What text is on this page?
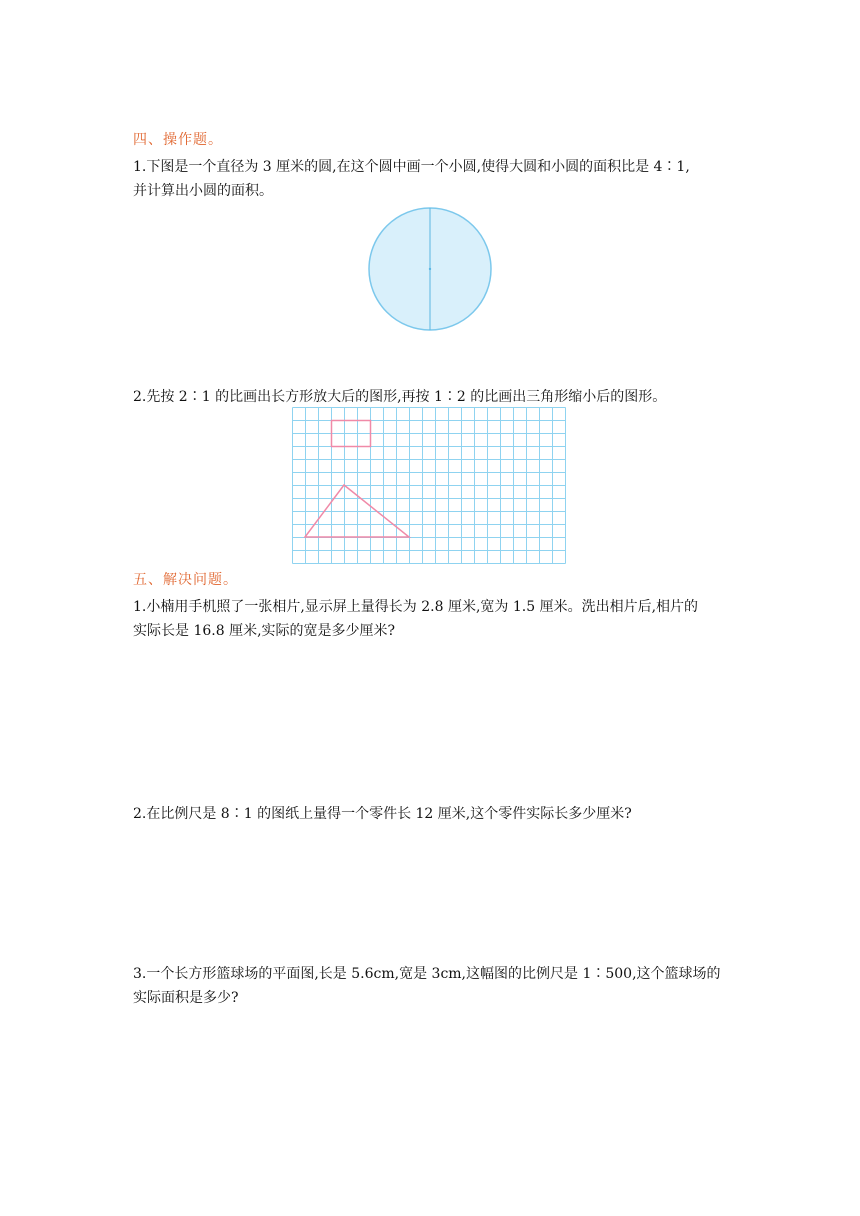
四、操作题。
1.下图是一个直径为 3 厘米的圆,在这个圆中画一个小圆,使得大圆和小圆的面积比是 4∶1,
并计算出小圆的面积。
2.先按 2∶1 的比画出长方形放大后的图形,再按 1∶2 的比画出三角形缩小后的图形。
五、解决问题。
1.小楠用手机照了一张相片,显示屏上量得长为 2.8 厘米,宽为 1.5 厘米。洗出相片后,相片的
实际长是 16.8 厘米,实际的宽是多少厘米?
2.在比例尺是 8∶1 的图纸上量得一个零件长 12 厘米,这个零件实际长多少厘米?
3.一个长方形篮球场的平面图,长是 5.6cm,宽是 3cm,这幅图的比例尺是 1∶500,这个篮球场的
实际面积是多少?
